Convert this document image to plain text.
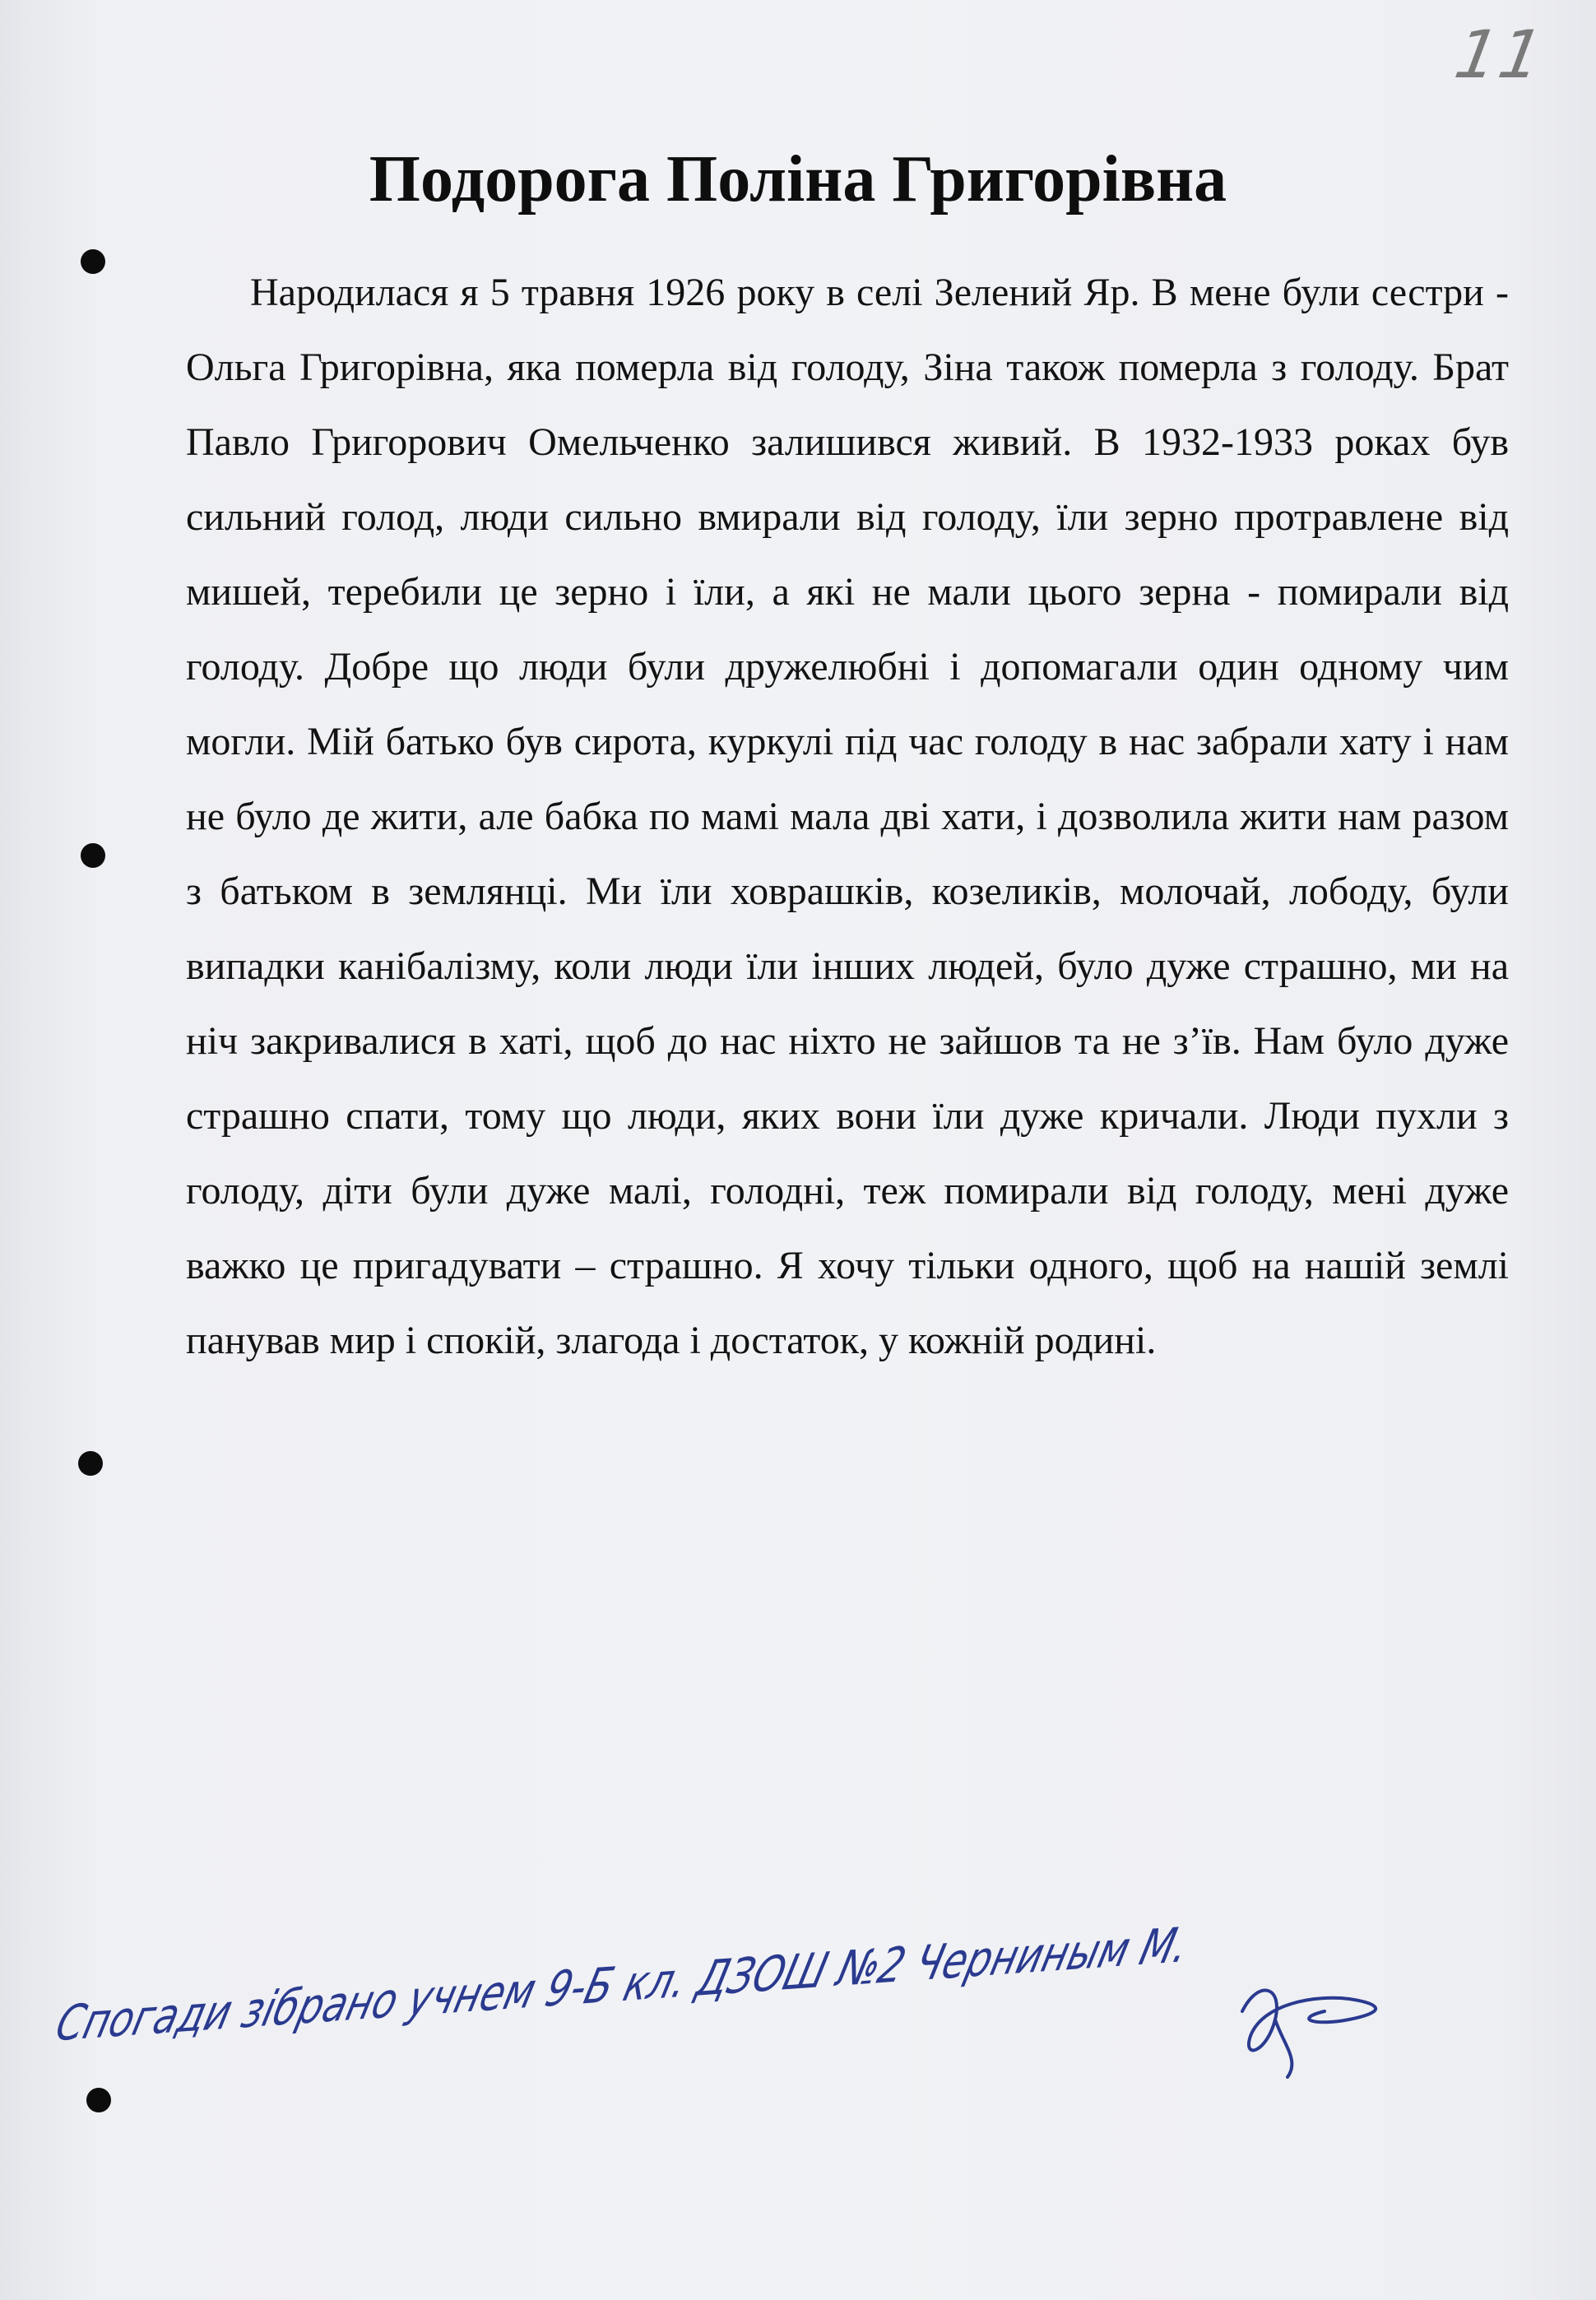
11
Подорога Поліна Григорівна

Народилася я 5 травня 1926 року в селі Зелений Яр. В мене були сестри - Ольга Григорівна, яка померла від голоду, Зіна також померла з голоду. Брат Павло Григорович Омельченко залишився живий. В 1932-1933 роках був сильний голод, люди сильно вмирали від голоду, їли зерно протравлене від мишей, теребили це зерно і їли, а які не мали цього зерна - помирали від голоду. Добре що люди були дружелюбні і допомагали один одному чим могли. Мій батько був сирота, куркулі під час голоду в нас забрали хату і нам не було де жити, але бабка по мамі мала дві хати, і дозволила жити нам разом з батьком в землянці. Ми їли ховрашків, козеликів, молочай, лободу, були випадки канібалізму, коли люди їли інших людей, було дуже страшно, ми на ніч закривалися в хаті, щоб до нас ніхто не зайшов та не з’їв. Нам було дуже страшно спати, тому що люди, яких вони їли дуже кричали. Люди пухли з голоду, діти були дуже малі, голодні, теж помирали від голоду, мені дуже важко це пригадувати – страшно. Я хочу тільки одного, щоб на нашій землі панував мир і спокій, злагода і достаток, у кожній родині.

Спогади зібрано учнем 9-Б кл. ДЗОШ №2 Черниным М.
